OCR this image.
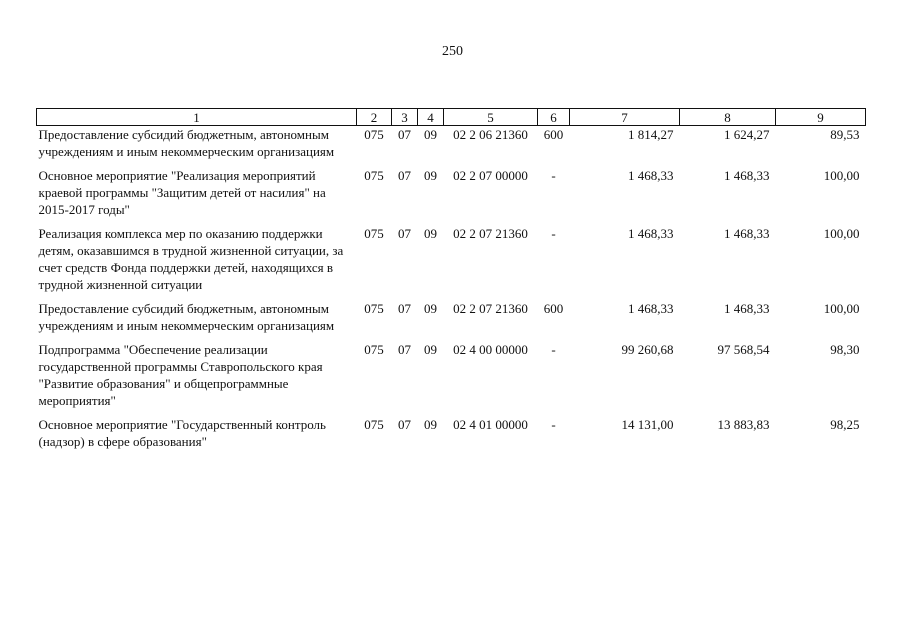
250
1	2	3	4	5	6	7	8	9
Предоставление субсидий бюджетным, автономным учреждениям и иным некоммерческим организациям	075	07	09	02 2 06 21360	600	1 814,27	1 624,27	89,53
Основное мероприятие "Реализация мероприятий краевой программы "Защитим детей от насилия" на 2015-2017 годы"	075	07	09	02 2 07 00000	-	1 468,33	1 468,33	100,00
Реализация комплекса мер по оказанию поддержки детям, оказавшимся в трудной жизненной ситуации, за счет средств Фонда поддержки детей, находящихся в трудной жизненной ситуации	075	07	09	02 2 07 21360	-	1 468,33	1 468,33	100,00
Предоставление субсидий бюджетным, автономным учреждениям и иным некоммерческим организациям	075	07	09	02 2 07 21360	600	1 468,33	1 468,33	100,00
Подпрограмма "Обеспечение реализации государственной программы Ставропольского края "Развитие образования" и общепрограммные мероприятия"	075	07	09	02 4 00 00000	-	99 260,68	97 568,54	98,30
Основное мероприятие "Государственный контроль (надзор) в сфере образования"	075	07	09	02 4 01 00000	-	14 131,00	13 883,83	98,25
